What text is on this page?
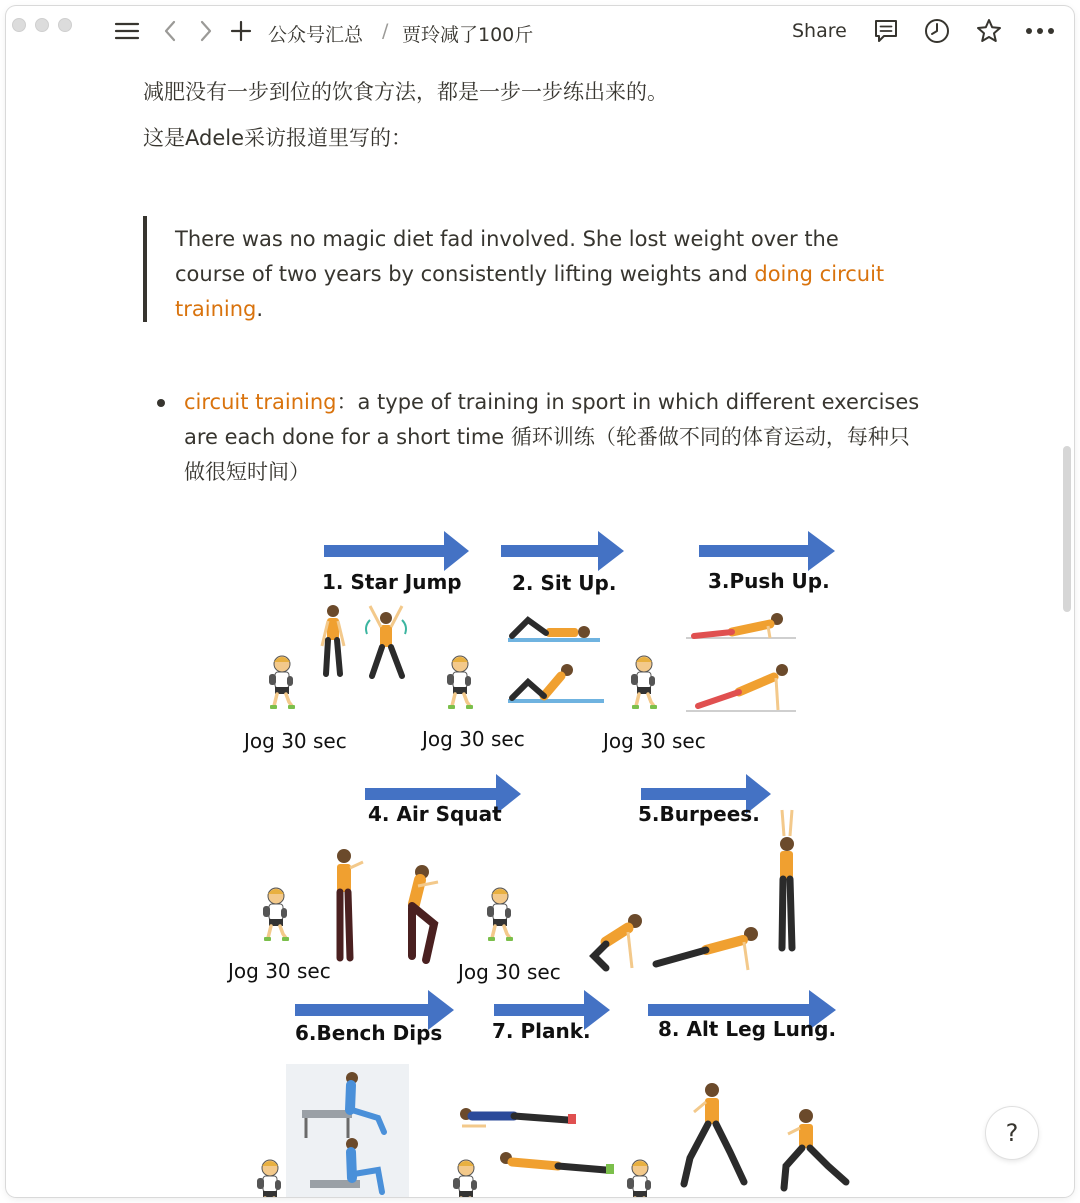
公众号汇总 / 贾玲减了100斤	Share
减肥没有一步到位的饮食方法，都是一步一步练出来的。
这是Adele采访报道里写的：
There was no magic diet fad involved. She lost weight over the course of two years by consistently lifting weights and doing circuit training.
circuit training：a type of training in sport in which different exercises are each done for a short time 循环训练（轮番做不同的体育运动，每种只做很短时间）
1. Star Jump	2. Sit Up.	3.Push Up.
4. Air Squat	5.Burpees.
6.Bench Dips 7. Plank.	8. Alt Leg Lung.
Jog 30 sec	Jog 30 sec	Jog 30 sec
Jog 30 sec	Jog 30 sec
?
